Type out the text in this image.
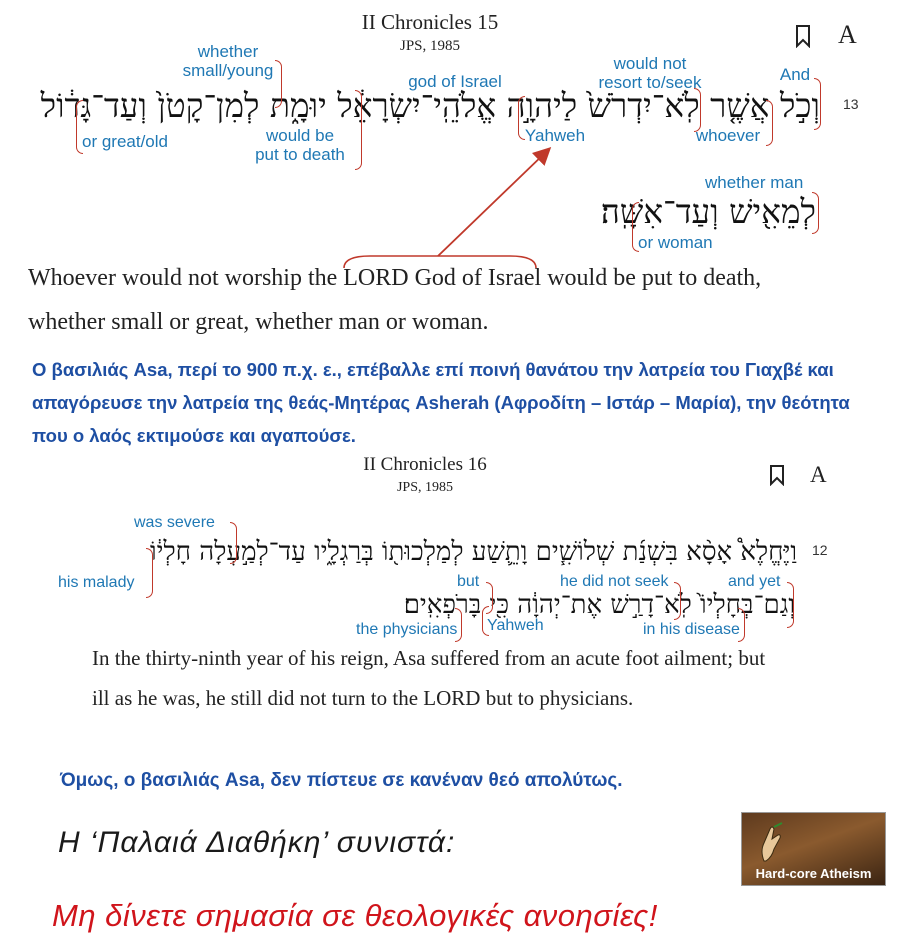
II Chronicles 15
JPS, 1985	A
וְכֹ֣ל אֲשֶׁ֤ר לֹֽא־יִדְרֹשׁ֙ לַיהוָ֣ה אֱלֹהֵֽי־יִשְׂרָאֵ֔ל יוּמָ֑ת לְמִן־קָטֹן֙ וְעַד־גָּד֔וֹל 13
לְמֵאִ֖ישׁ וְעַד־אִשָּֽׁה׃
And
would not
resort to/seek
whoever
Yahweh
god of Israel
would be
put to death
whether
small/young
or great/old
whether man
or woman
Whoever would not worship the LORD God of Israel would be put to death, whether small or great, whether man or woman.
Ο βασιλιάς Asa, περί το 900 π.χ. ε., επέβαλλε επί ποινή θανάτου την λατρεία του Γιαχβέ και απαγόρευσε την λατρεία της θεάς-Μητέρας Asherah (Αφροδίτη – Ιστάρ – Μαρία), την θεότητα που ο λαός εκτιμούσε και αγαπούσε.
II Chronicles 16
JPS, 1985
A
וַיֶּחֱלֶא֩ אָסָ֨א בִּשְׁנַ֜ת שְׁלוֹשִׁ֧ים וָתֵ֛שַׁע לְמַלְכוּת֖וֹ בְּרַגְלָ֑יו עַד־לְמַ֣עְלָה חָלְי֔וֹ 12
וְגַם־בְּחָלְיוֹ֙ לֹֽא־דָרַ֣שׁ אֶת־יְהוָ֔ה כִּ֖י בָּרֹפְאִֽים׃
was severe
his malady	and yet
he did not seek
in his disease
but
Yahweh
the physicians
In the thirty-ninth year of his reign, Asa suffered from an acute foot ailment; but ill as he was, he still did not turn to the LORD but to physicians.
Όμως, ο βασιλιάς Asa, δεν πίστευε σε κανέναν θεό απολύτως.
Η ‘Παλαιά Διαθήκη’ συνιστά:
Μη δίνετε σημασία σε θεολογικές ανοησίες!
Hard-core Atheism
